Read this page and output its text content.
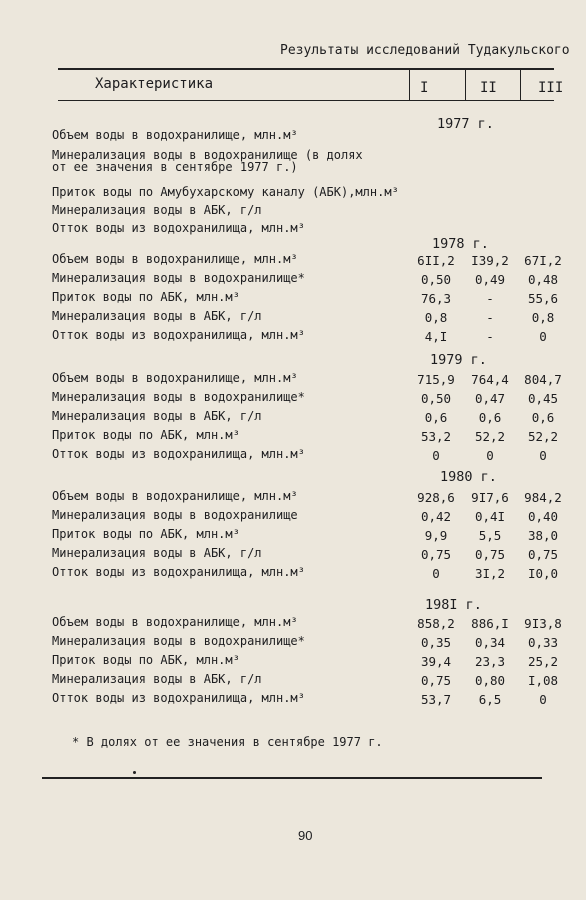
Результаты исследований Тудакульского
Характеристика	I	II	III
1977 г.
Объем воды в водохранилище, млн.м³
Минерализация воды в водохранилище (в долях
от ее значения в сентябре 1977 г.)
Приток воды по Амубухарскому каналу (АБК),млн.м³
Минерализация воды в АБК, г/л
Отток воды из водохранилища, млн.м³
1978 г.
Объем воды в водохранилище, млн.м³	6II,2	I39,2	67I,2
Минерализация воды в водохранилище*	0,50	0,49	0,48
Приток воды по АБК, млн.м³	76,3	-	55,6
Минерализация воды в АБК, г/л	0,8	-	0,8
Отток воды из водохранилища, млн.м³	4,I	-	0
1979 г.
Объем воды в водохранилище, млн.м³	715,9	764,4	804,7
Минерализация воды в водохранилище*	0,50	0,47	0,45
Минерализация воды в АБК, г/л	0,6	0,6	0,6
Приток воды по АБК, млн.м³	53,2	52,2	52,2
Отток воды из водохранилища, млн.м³	0	0	0
1980 г.
Объем воды в водохранилище, млн.м³	928,6	9I7,6	984,2
Минерализация воды в водохранилище	0,42	0,4I	0,40
Приток воды по АБК, млн.м³	9,9	5,5	38,0
Минерализация воды в АБК, г/л	0,75	0,75	0,75
Отток воды из водохранилища, млн.м³	0	3I,2	I0,0
198I г.
Объем воды в водохранилище, млн.м³	858,2	886,I	9I3,8
Минерализация воды в водохранилище*	0,35	0,34	0,33
Приток воды по АБК, млн.м³	39,4	23,3	25,2
Минерализация воды в АБК, г/л	0,75	0,80	I,08
Отток воды из водохранилища, млн.м³	53,7	6,5	0
* В долях от ее значения в сентябре 1977 г.
90
